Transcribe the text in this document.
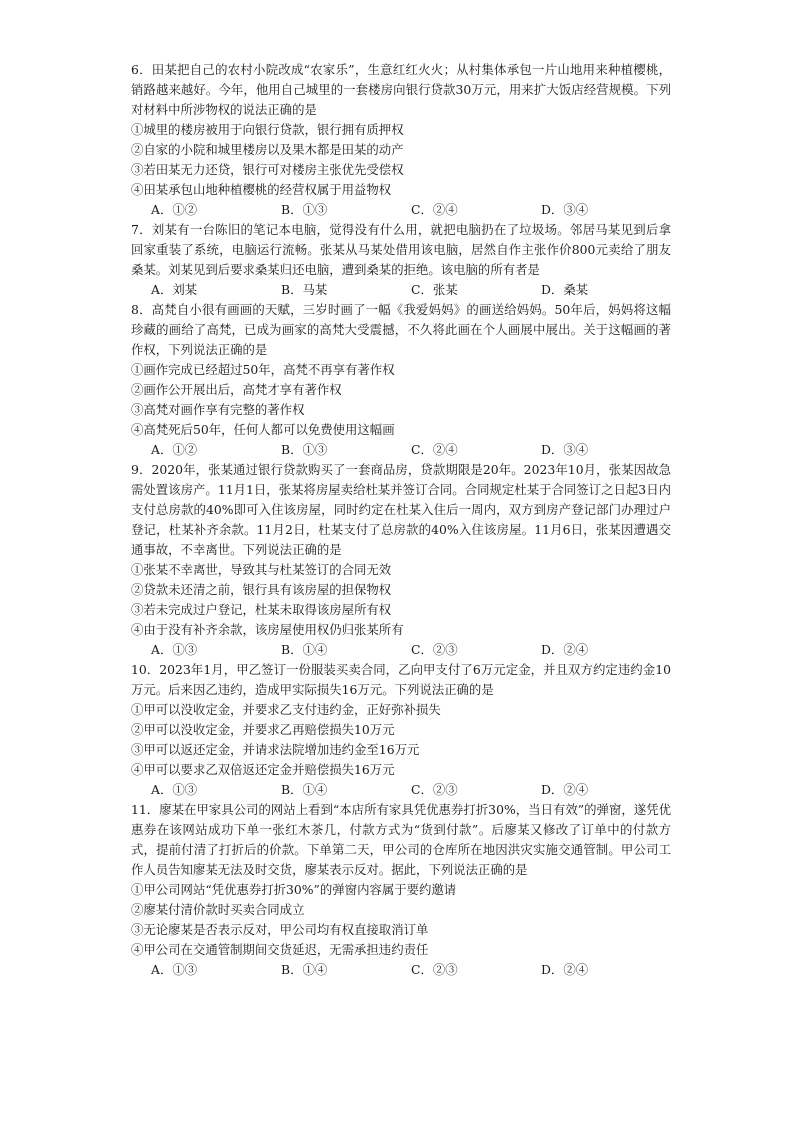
6．田某把自己的农村小院改成“农家乐”，生意红红火火；从村集体承包一片山地用来种植樱桃，销路越来越好。今年，他用自己城里的一套楼房向银行贷款30万元，用来扩大饭店经营规模。下列对材料中所涉物权的说法正确的是
①城里的楼房被用于向银行贷款，银行拥有质押权
②自家的小院和城里楼房以及果木都是田某的动产
③若田某无力还贷，银行可对楼房主张优先受偿权
④田某承包山地种植樱桃的经营权属于用益物权
A．①②	B．①③	C．②④	D．③④
7．刘某有一台陈旧的笔记本电脑，觉得没有什么用，就把电脑扔在了垃圾场。邻居马某见到后拿回家重装了系统，电脑运行流畅。张某从马某处借用该电脑，居然自作主张作价800元卖给了朋友桑某。刘某见到后要求桑某归还电脑，遭到桑某的拒绝。该电脑的所有者是
A．刘某	B．马某	C．张某	D．桑某
8．高梵自小很有画画的天赋，三岁时画了一幅《我爱妈妈》的画送给妈妈。50年后，妈妈将这幅珍藏的画给了高梵，已成为画家的高梵大受震撼，不久将此画在个人画展中展出。关于这幅画的著作权，下列说法正确的是
①画作完成已经超过50年，高梵不再享有著作权
②画作公开展出后，高梵才享有著作权
③高梵对画作享有完整的著作权
④高梵死后50年，任何人都可以免费使用这幅画
A．①②	B．①③	C．②④	D．③④
9．2020年，张某通过银行贷款购买了一套商品房，贷款期限是20年。2023年10月，张某因故急需处置该房产。11月1日，张某将房屋卖给杜某并签订合同。合同规定杜某于合同签订之日起3日内支付总房款的40%即可入住该房屋，同时约定在杜某入住后一周内，双方到房产登记部门办理过户登记，杜某补齐余款。11月2日，杜某支付了总房款的40%入住该房屋。11月6日，张某因遭遇交通事故，不幸离世。下列说法正确的是
①张某不幸离世，导致其与杜某签订的合同无效
②贷款未还清之前，银行具有该房屋的担保物权
③若未完成过户登记，杜某未取得该房屋所有权
④由于没有补齐余款，该房屋使用权仍归张某所有
A．①③	B．①④	C．②③	D．②④
10．2023年1月，甲乙签订一份服装买卖合同，乙向甲支付了6万元定金，并且双方约定违约金10万元。后来因乙违约，造成甲实际损失16万元。下列说法正确的是
①甲可以没收定金，并要求乙支付违约金，正好弥补损失
②甲可以没收定金，并要求乙再赔偿损失10万元
③甲可以返还定金，并请求法院增加违约金至16万元
④甲可以要求乙双倍返还定金并赔偿损失16万元
A．①③	B．①④	C．②③	D．②④
11．廖某在甲家具公司的网站上看到“本店所有家具凭优惠券打折30%，当日有效”的弹窗，遂凭优惠券在该网站成功下单一张红木茶几，付款方式为“货到付款”。后廖某又修改了订单中的付款方式，提前付清了打折后的价款。下单第二天，甲公司的仓库所在地因洪灾实施交通管制。甲公司工作人员告知廖某无法及时交货，廖某表示反对。据此，下列说法正确的是
①甲公司网站“凭优惠券打折30%”的弹窗内容属于要约邀请
②廖某付清价款时买卖合同成立
③无论廖某是否表示反对，甲公司均有权直接取消订单
④甲公司在交通管制期间交货延迟，无需承担违约责任
A．①③	B．①④	C．②③	D．②④
